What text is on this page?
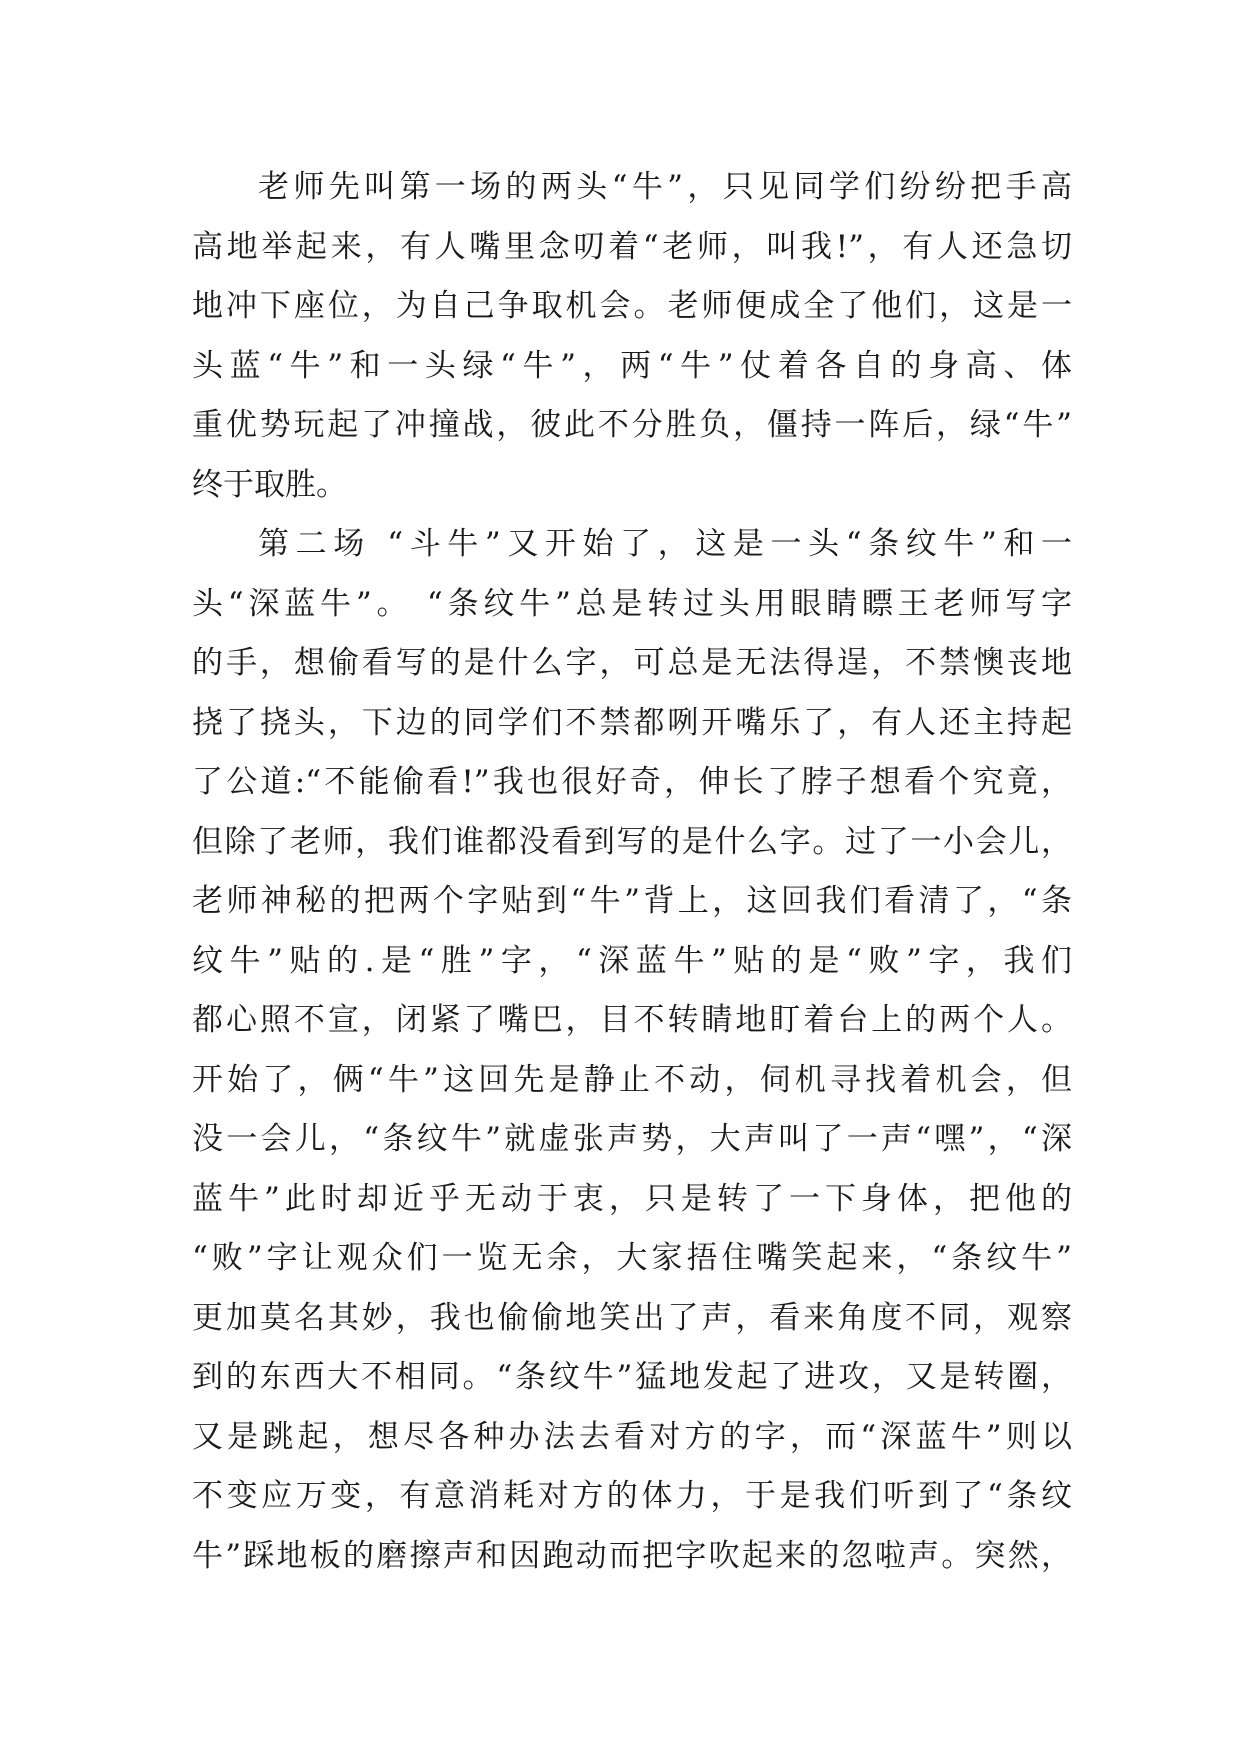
老师先叫第一场的两头“牛”，只见同学们纷纷把手高
高地举起来，有人嘴里念叨着“老师，叫我!”，有人还急切
地冲下座位，为自己争取机会。老师便成全了他们，这是一
头蓝“牛”和一头绿“牛”，两“牛”仗着各自的身高、体
重优势玩起了冲撞战，彼此不分胜负，僵持一阵后，绿“牛”
终于取胜。
第二场 “斗牛”又开始了，这是一头“条纹牛”和一
头“深蓝牛”。 “条纹牛”总是转过头用眼睛瞟王老师写字
的手，想偷看写的是什么字，可总是无法得逞，不禁懊丧地
挠了挠头，下边的同学们不禁都咧开嘴乐了，有人还主持起
了公道:“不能偷看!”我也很好奇，伸长了脖子想看个究竟，
但除了老师，我们谁都没看到写的是什么字。过了一小会儿，
老师神秘的把两个字贴到“牛”背上，这回我们看清了，“条
纹牛”贴的.是“胜”字，“深蓝牛”贴的是“败”字，我们
都心照不宣，闭紧了嘴巴，目不转睛地盯着台上的两个人。
开始了，俩“牛”这回先是静止不动，伺机寻找着机会，但
没一会儿，“条纹牛”就虚张声势，大声叫了一声“嘿”，“深
蓝牛”此时却近乎无动于衷，只是转了一下身体，把他的
“败”字让观众们一览无余，大家捂住嘴笑起来，“条纹牛”
更加莫名其妙，我也偷偷地笑出了声，看来角度不同，观察
到的东西大不相同。“条纹牛”猛地发起了进攻，又是转圈，
又是跳起，想尽各种办法去看对方的字，而“深蓝牛”则以
不变应万变，有意消耗对方的体力，于是我们听到了“条纹
牛”踩地板的磨擦声和因跑动而把字吹起来的忽啦声。突然，
